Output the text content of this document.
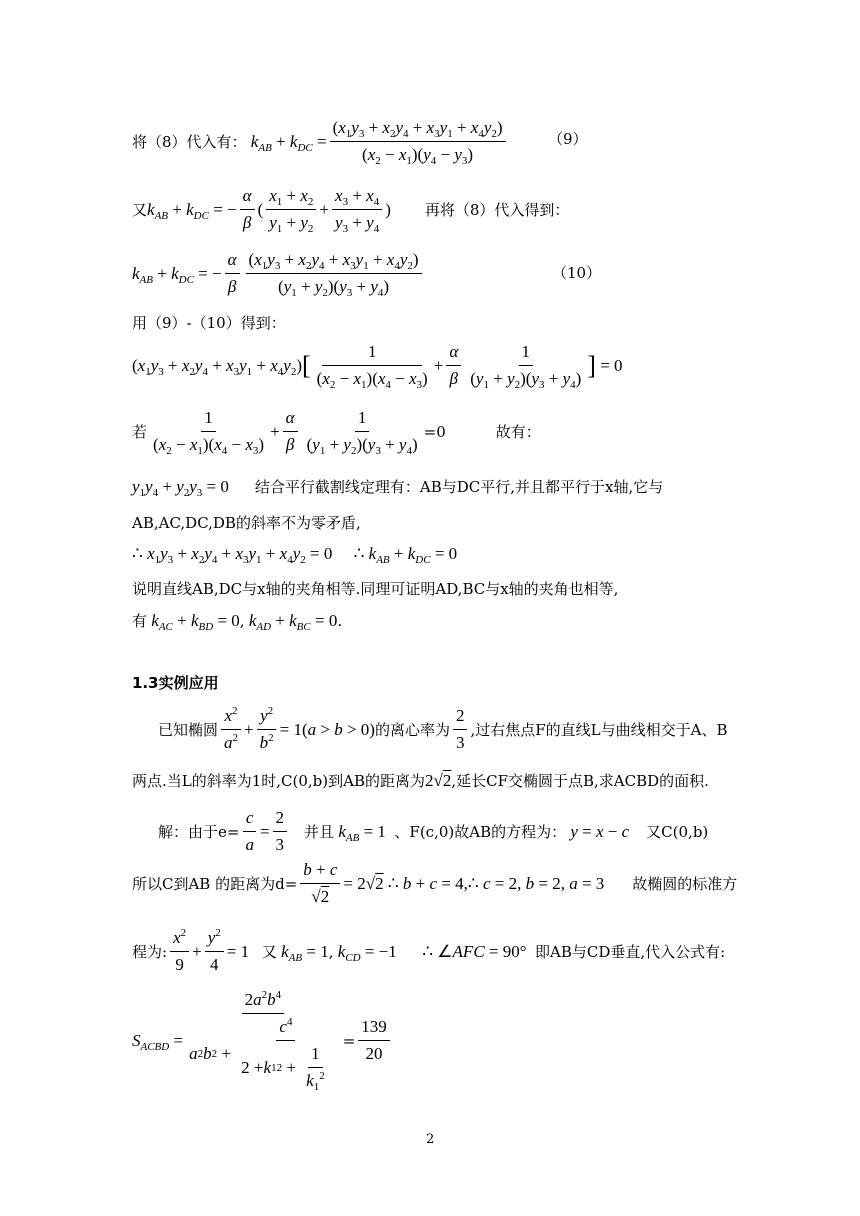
将（8）代入有： $k_{AB} + k_{DC} = \frac{(x_1y_3 + x_2y_4 + x_3y_1 + x_4y_2)}{(x_2 - x_1)(y_4 - y_3)}$	（9）
又 $k_{AB} + k_{DC}$ = − $\frac{\alpha}{\beta}$ ( $\frac{x_1 + x_2}{y_1 + y_2} + \frac{x_3 + x_4}{y_3 + y_4}$ ) 再将（8）代入得到：
$k_{AB} + k_{DC}$ = − $\frac{\alpha}{\beta} \frac{(x_1y_3 + x_2y_4 + x_3y_1 + x_4y_2)}{(y_1 + y_2)(y_3 + y_4)}$	（10）
用（9）-（10）得到：
$(x_1y_3 + x_2y_4 + x_3y_1 + x_4y_2)$ [ $\frac{1}{(x_2 - x_1)(x_4 - x_3)} + \frac{\alpha}{\beta} \frac{1}{(y_1 + y_2)(y_3 + y_4)}$ ] = 0
若 $\frac{1}{(x_2 - x_1)(x_4 - x_3)} + \frac{\alpha}{\beta} \frac{1}{(y_1 + y_2)(y_3 + y_4)} =0$	故有：
$y_1y_4 + y_2y_3 = 0$ 结合平行截割线定理有：AB与DC平行,并且都平行于x轴,它与
AB,AC,DC,DB的斜率不为零矛盾,
∴ $x_1y_3 + x_2y_4 + x_3y_1 + x_4y_2 = 0$     ∴ $k_{AB} + k_{DC} = 0$
说明直线AB,DC与x轴的夹角相等.同理可证明AD,BC与x轴的夹角也相等,
有 $k_{AC} + k_{BD} = 0$ , $k_{AD} + k_{BC} = 0$ .
1.3实例应用
已知椭圆 $\frac{x^2}{a^2} + \frac{y^2}{b^2} = 1(a > b > 0)$ 的离心率为 $\frac{2}{3}$ ,过右焦点F的直线L与曲线相交于A、B
两点.当L的斜率为1时,C(0,b)到AB的距离为 2√2 ,延长CF交椭圆于点B,求ACBD的面积.
解：由于$e= \frac{c}{a} = \frac{2}{3}$ 并且 $k_{AB} = 1$ 、F(c,0)故AB的方程为： y = x − c	又C(0,b)
所以C到AB 的距离为$d= \frac{b + c}{√2} = 2√2$ ∴ b + c = 4,∴ c = 2, b = 2, a = 3 故椭圆的标准方
程为: $\frac{x^2}{9} + \frac{y^2}{4} = 1$ 又 $k_{AB} = 1$ , $k_{CD} = -1$      ∴ ∠AFC = 90° 即AB与CD垂直,代入公式有:
$S_{ACBD}$ =
$2a^2b^4$
a 2 b $2 + \frac{c^4}{2 + k 1 2 + \frac{1}{k_1^2}} = \frac{139}{20}$
2
